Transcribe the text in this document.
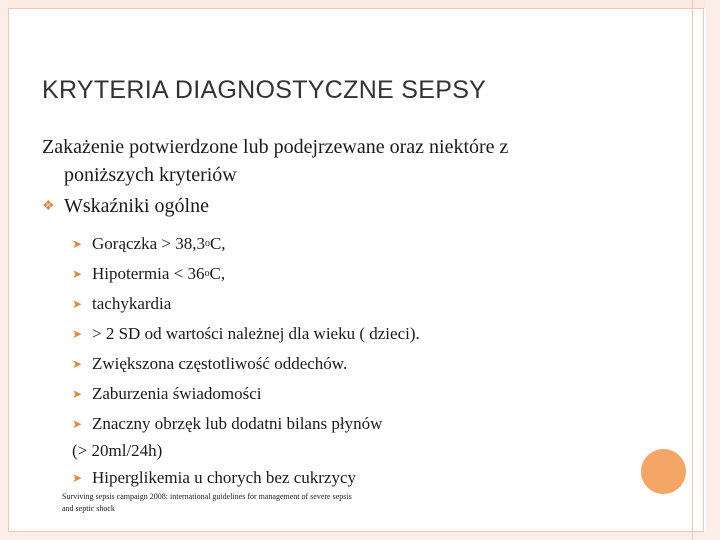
KRYTERIA DIAGNOSTYCZNE SEPSY
Zakażenie potwierdzone lub podejrzewane oraz niektóre z
poniższych kryteriów
❖ Wskaźniki ogólne
➤ Gorączka > 38,3 o C,
➤ Hipotermia < 36 o C,
➤ tachykardia
➤ > 2 SD od wartości należnej dla wieku ( dzieci).
➤ Zwiększona częstotliwość oddechów.
➤ Zaburzenia świadomości
➤ Znaczny obrzęk lub dodatni bilans płynów
(> 20ml/24h)
➤ Hiperglikemia u chorych bez cukrzycy
Surviving sepsis campaign 2008: international guidelines for management of severe sepsis
and septic shock
